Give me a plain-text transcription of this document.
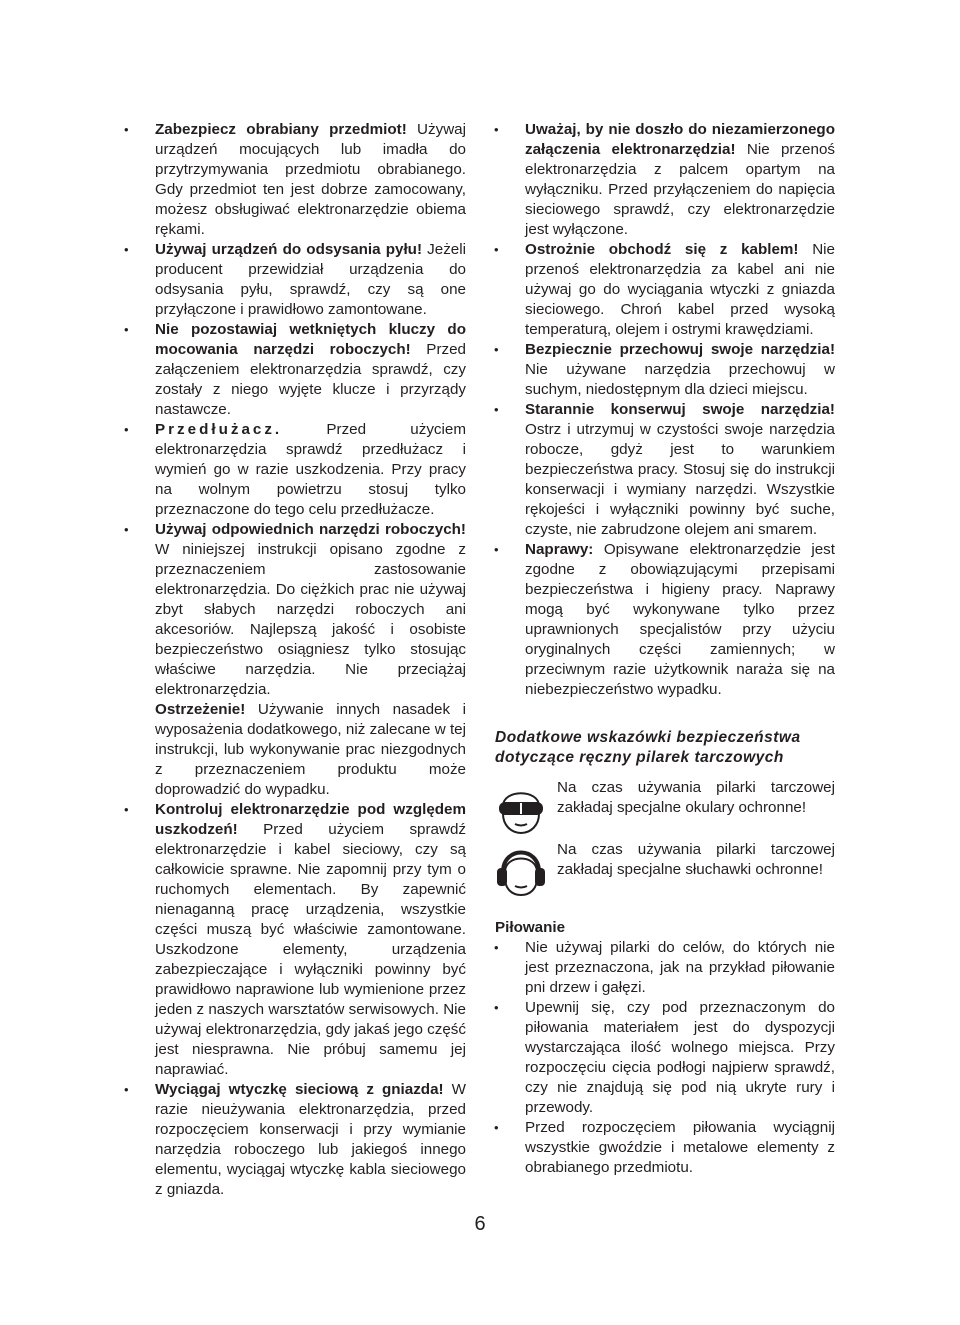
• Zabezpiecz obrabiany przedmiot! Używaj urządzeń mocujących lub imadła do przytrzymywania przedmiotu obrabianego. Gdy przedmiot ten jest dobrze zamocowany, możesz obsługiwać elektronarzędzie obiema rękami.

• Używaj urządzeń do odsysania pyłu! Jeżeli producent przewidział urządzenia do odsysania pyłu, sprawdź, czy są one przyłączone i prawidłowo zamontowane.

• Nie pozostawiaj wetkniętych kluczy do mocowania narzędzi roboczych! Przed załączeniem elektronarzędzia sprawdź, czy zostały z niego wyjęte klucze i przyrządy nastawcze.

• Przedłużacz. Przed użyciem elektronarzędzia sprawdź przedłużacz i wymień go w razie uszkodzenia. Przy pracy na wolnym powietrzu stosuj tylko przeznaczone do tego celu przedłużacze.

• Używaj odpowiednich narzędzi roboczych! W niniejszej instrukcji opisano zgodne z przeznaczeniem zastosowanie elektronarzędzia. Do ciężkich prac nie używaj zbyt słabych narzędzi roboczych ani akcesoriów. Najlepszą jakość i osobiste bezpieczeństwo osiągniesz tylko stosując właściwe narzędzia. Nie przeciążaj elektronarzędzia.

Ostrzeżenie! Używanie innych nasadek i wyposażenia dodatkowego, niż zalecane w tej instrukcji, lub wykonywanie prac niezgodnych z przeznaczeniem produktu może doprowadzić do wypadku.

• Kontroluj elektronarzędzie pod względem uszkodzeń! Przed użyciem sprawdź elektronarzędzie i kabel sieciowy, czy są całkowicie sprawne. Nie zapomnij przy tym o ruchomych elementach. By zapewnić nienaganną pracę urządzenia, wszystkie części muszą być właściwie zamontowane. Uszkodzone elementy, urządzenia zabezpieczające i wyłączniki powinny być prawidłowo naprawione lub wymienione przez jeden z naszych warsztatów serwisowych. Nie używaj elektronarzędzia, gdy jakaś jego część jest niesprawna. Nie próbuj samemu jej naprawiać.

• Wyciągaj wtyczkę sieciową z gniazda! W razie nieużywania elektronarzędzia, przed rozpoczęciem konserwacji i przy wymianie narzędzia roboczego lub jakiegoś innego elementu, wyciągaj wtyczkę kabla sieciowego z gniazda.

• Uważaj, by nie doszło do niezamierzonego załączenia elektronarzędzia! Nie przenoś elektronarzędzia z palcem opartym na wyłączniku. Przed przyłączeniem do napięcia sieciowego sprawdź, czy elektronarzędzie jest wyłączone.

• Ostrożnie obchodź się z kablem! Nie przenoś elektronarzędzia za kabel ani nie używaj go do wyciągania wtyczki z gniazda sieciowego. Chroń kabel przed wysoką temperaturą, olejem i ostrymi krawędziami.

• Bezpiecznie przechowuj swoje narzędzia! Nie używane narzędzia przechowuj w suchym, niedostępnym dla dzieci miejscu.

• Starannie konserwuj swoje narzędzia! Ostrz i utrzymuj w czystości swoje narzędzia robocze, gdyż jest to warunkiem bezpieczeństwa pracy. Stosuj się do instrukcji konserwacji i wymiany narzędzi. Wszystkie rękojeści i wyłączniki powinny być suche, czyste, nie zabrudzone olejem ani smarem.

• Naprawy: Opisywane elektronarzędzie jest zgodne z obowiązującymi przepisami bezpieczeństwa i higieny pracy. Naprawy mogą być wykonywane tylko przez uprawnionych specjalistów przy użyciu oryginalnych części zamiennych; w przeciwnym razie użytkownik naraża się na niebezpieczeństwo wypadku.

Dodatkowe wskazówki bezpieczeństwa dotyczące ręczny pilarek tarczowych

Na czas używania pilarki tarczowej zakładaj specjalne okulary ochronne!

Na czas używania pilarki tarczowej zakładaj specjalne słuchawki ochronne!

Piłowanie

• Nie używaj pilarki do celów, do których nie jest przeznaczona, jak na przykład piłowanie pni drzew i gałęzi.

• Upewnij się, czy pod przeznaczonym do piłowania materiałem jest do dyspozycji wystarczająca ilość wolnego miejsca. Przy rozpoczęciu cięcia podłogi najpierw sprawdź, czy nie znajdują się pod nią ukryte rury i przewody.

• Przed rozpoczęciem piłowania wyciągnij wszystkie gwoździe i metalowe elementy z obrabianego przedmiotu.

6
